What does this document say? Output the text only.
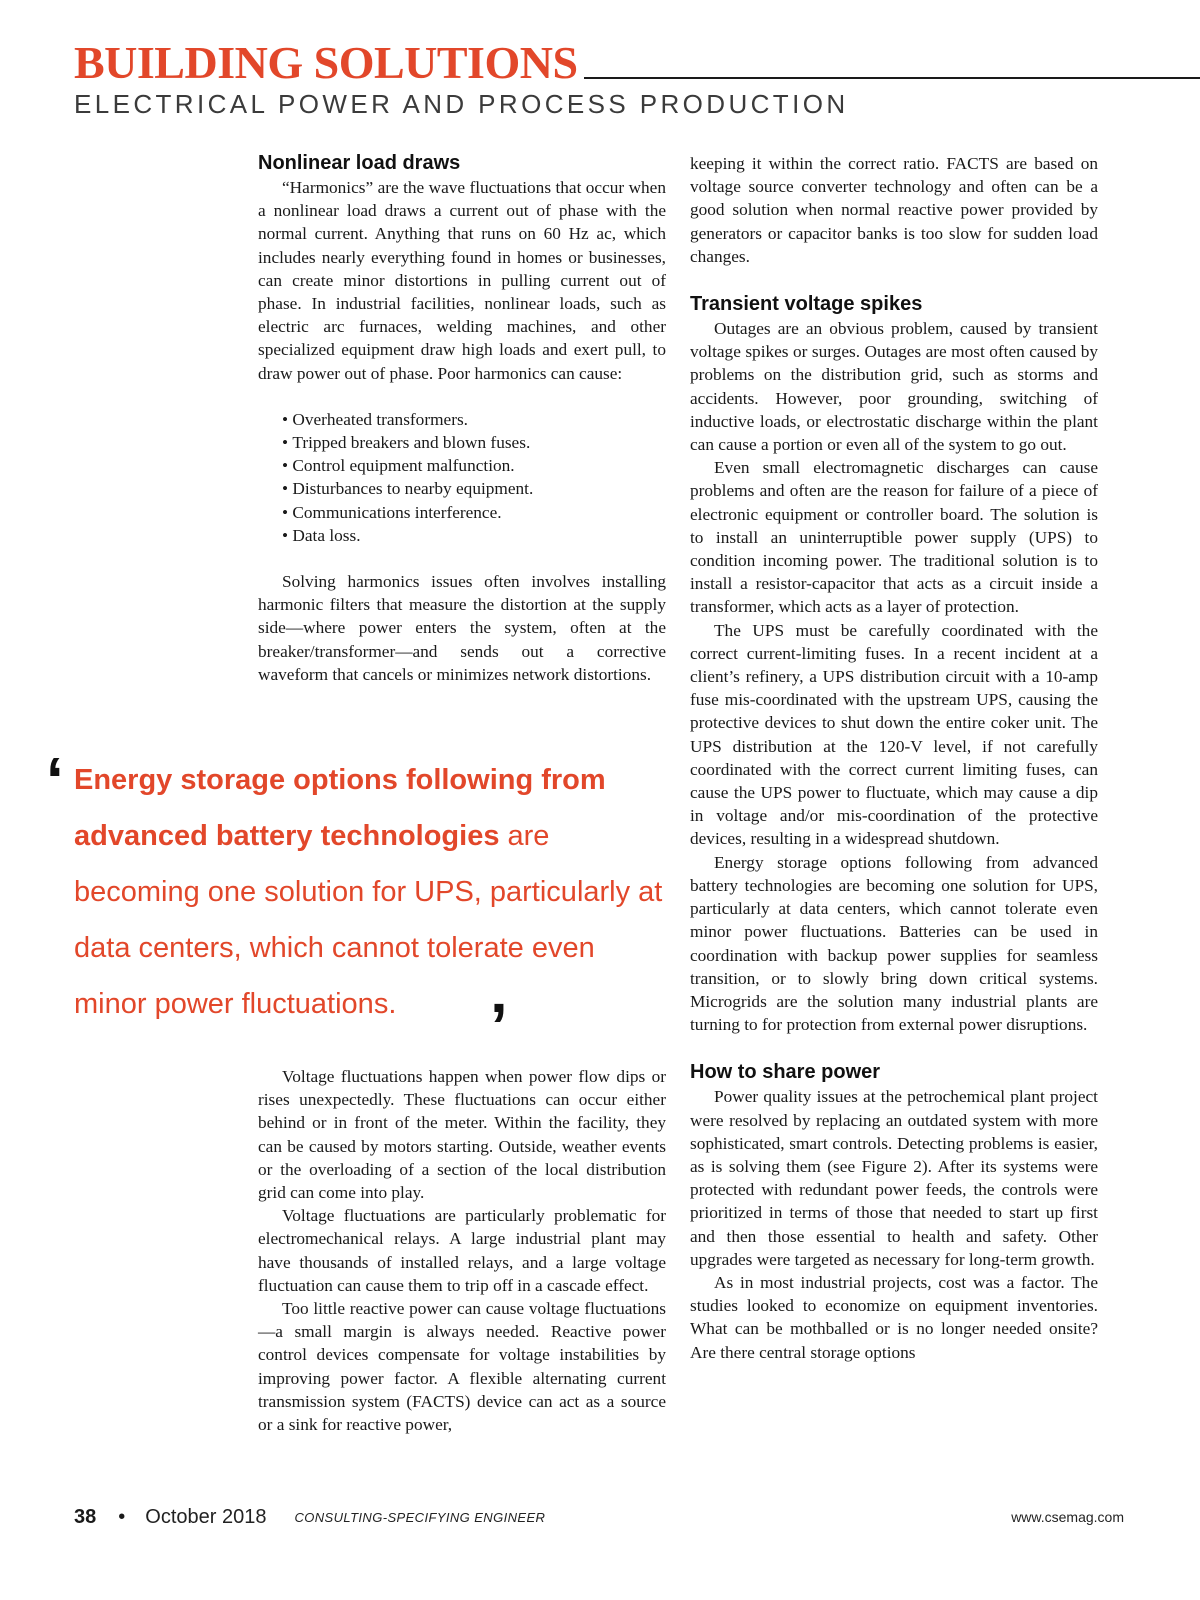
BUILDING SOLUTIONS
ELECTRICAL POWER AND PROCESS PRODUCTION
Nonlinear load draws

“Harmonics” are the wave fluctuations that occur when a nonlinear load draws a current out of phase with the normal current. Anything that runs on 60 Hz ac, which includes nearly everything found in homes or businesses, can create minor distortions in pulling current out of phase. In industrial facilities, nonlinear loads, such as electric arc furnaces, welding machines, and other specialized equipment draw high loads and exert pull, to draw power out of phase. Poor harmonics can cause:

• Overheated transformers.
• Tripped breakers and blown fuses.
• Control equipment malfunction.
• Disturbances to nearby equipment.
• Communications interference.
• Data loss.

Solving harmonics issues often involves installing harmonic filters that measure the distortion at the supply side—where power enters the system, often at the breaker/transformer—and sends out a corrective waveform that cancels or minimizes network distortions.

‘ Energy storage options following from advanced battery technologies are becoming one solution for UPS, particularly at data centers, which cannot tolerate even minor power fluctuations.	’

Voltage fluctuations happen when power flow dips or rises unexpectedly. These fluctuations can occur either behind or in front of the meter. Within the facility, they can be caused by motors starting. Outside, weather events or the overloading of a section of the local distribution grid can come into play.

Voltage fluctuations are particularly problematic for electromechanical relays. A large industrial plant may have thousands of installed relays, and a large voltage fluctuation can cause them to trip off in a cascade effect.

Too little reactive power can cause voltage fluctuations—a small margin is always needed. Reactive power control devices compensate for voltage instabilities by improving power factor. A flexible alternating current transmission system (FACTS) device can act as a source or a sink for reactive power,

keeping it within the correct ratio. FACTS are based on voltage source converter technology and often can be a good solution when normal reactive power provided by generators or capacitor banks is too slow for sudden load changes.

Transient voltage spikes

Outages are an obvious problem, caused by transient voltage spikes or surges. Outages are most often caused by problems on the distribution grid, such as storms and accidents. However, poor grounding, switching of inductive loads, or electrostatic discharge within the plant can cause a portion or even all of the system to go out.

Even small electromagnetic discharges can cause problems and often are the reason for failure of a piece of electronic equipment or controller board. The solution is to install an uninterruptible power supply (UPS) to condition incoming power. The traditional solution is to install a resistor-capacitor that acts as a circuit inside a transformer, which acts as a layer of protection.

The UPS must be carefully coordinated with the correct current-limiting fuses. In a recent incident at a client’s refinery, a UPS distribution circuit with a 10-amp fuse mis-coordinated with the upstream UPS, causing the protective devices to shut down the entire coker unit. The UPS distribution at the 120-V level, if not carefully coordinated with the correct current limiting fuses, can cause the UPS power to fluctuate, which may cause a dip in voltage and/or mis-coordination of the protective devices, resulting in a widespread shutdown.

Energy storage options following from advanced battery technologies are becoming one solution for UPS, particularly at data centers, which cannot tolerate even minor power fluctuations. Batteries can be used in coordination with backup power supplies for seamless transition, or to slowly bring down critical systems. Microgrids are the solution many industrial plants are turning to for protection from external power disruptions.

How to share power

Power quality issues at the petrochemical plant project were resolved by replacing an outdated system with more sophisticated, smart controls. Detecting problems is easier, as is solving them (see Figure 2). After its systems were protected with redundant power feeds, the controls were prioritized in terms of those that needed to start up first and then those essential to health and safety. Other upgrades were targeted as necessary for long-term growth.

As in most industrial projects, cost was a factor. The studies looked to economize on equipment inventories. What can be mothballed or is no longer needed onsite? Are there central storage options

38 • October 2018 CONSULTING-SPECIFYING ENGINEER	www.csemag.com
